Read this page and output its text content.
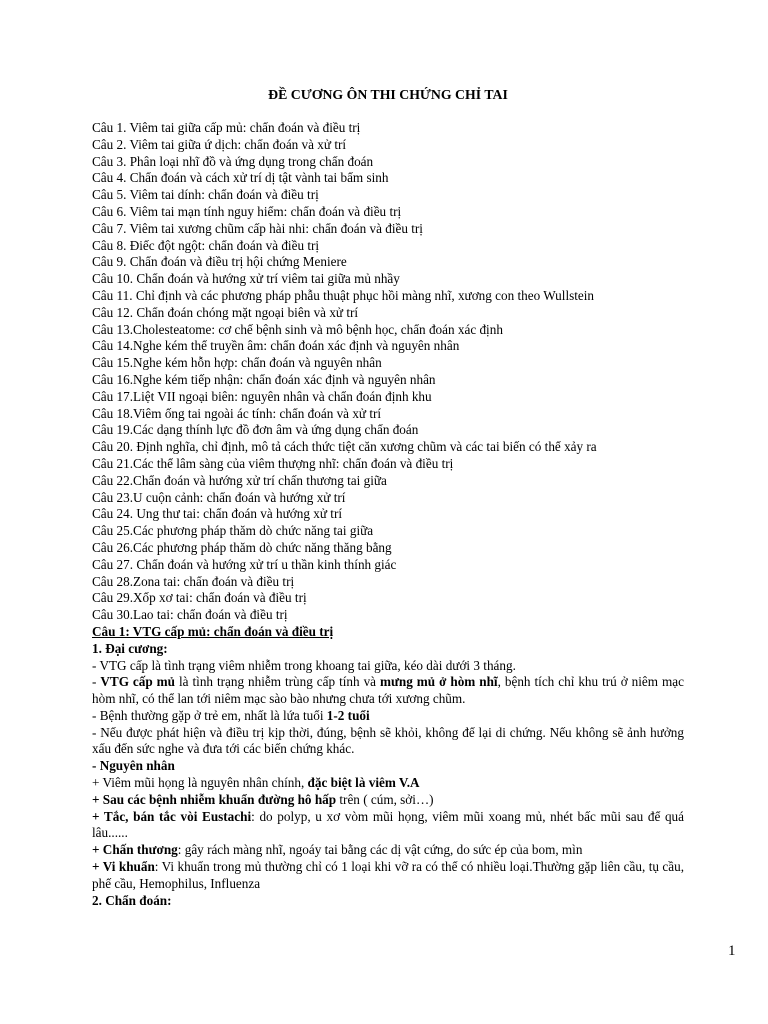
ĐỀ CƯƠNG ÔN THI CHỨNG CHỈ TAI
Câu 1. Viêm tai giữa cấp mủ: chẩn đoán và điều trị
Câu 2. Viêm tai giữa ứ dịch: chẩn đoán và xử trí
Câu 3. Phân loại nhĩ đồ và ứng dụng trong chẩn đoán
Câu 4. Chẩn đoán và cách xử trí dị tật vành tai bẩm sinh
Câu 5. Viêm tai dính: chẩn đoán và điều trị
Câu 6. Viêm tai mạn tính nguy hiểm: chẩn đoán và điều trị
Câu 7. Viêm tai xương chũm cấp hài nhi: chẩn đoán và điều trị
Câu 8. Điếc đột ngột: chẩn đoán và điều trị
Câu 9. Chẩn đoán và điều trị hội chứng Meniere
Câu 10. Chẩn đoán và hướng xử trí viêm tai giữa mủ nhầy
Câu 11. Chỉ định và các phương pháp phẫu thuật phục hồi màng nhĩ, xương con theo Wullstein
Câu 12. Chẩn đoán chóng mặt ngoại biên và xử trí
Câu 13.Cholesteatome: cơ chế bệnh sinh và mô bệnh học, chẩn đoán xác định
Câu 14.Nghe kém thể truyền âm: chẩn đoán xác định và nguyên nhân
Câu 15.Nghe kém hỗn hợp: chẩn đoán và nguyên nhân
Câu 16.Nghe kém tiếp nhận: chẩn đoán xác định và nguyên nhân
Câu 17.Liệt VII ngoại biên: nguyên nhân và chẩn đoán định khu
Câu 18.Viêm ống tai ngoài ác tính: chẩn đoán và xử trí
Câu 19.Các dạng thính lực đồ đơn âm và ứng dụng chẩn đoán
Câu 20. Định nghĩa, chỉ định, mô tả cách thức tiệt căn xương chũm và các tai biến có thể xảy ra
Câu 21.Các thể lâm sàng của viêm thượng nhĩ: chẩn đoán và điều trị
Câu 22.Chẩn đoán và hướng xử trí chấn thương tai giữa
Câu 23.U cuộn cảnh: chẩn đoán và hướng xử trí
Câu 24. Ung thư tai: chẩn đoán và hướng xử trí
Câu 25.Các phương pháp thăm dò chức năng tai giữa
Câu 26.Các phương pháp thăm dò chức năng thăng bằng
Câu 27. Chẩn đoán và hướng xử trí u thần kinh thính giác
Câu 28.Zona tai: chẩn đoán và điều trị
Câu 29.Xốp xơ tai: chẩn đoán và điều trị
Câu 30.Lao tai: chẩn đoán và điều trị
Câu 1: VTG cấp mủ: chẩn đoán và điều trị
1. Đại cương:
- VTG cấp là tình trạng viêm nhiễm trong khoang tai giữa, kéo dài dưới 3 tháng.
- VTG cấp mủ là tình trạng nhiễm trùng cấp tính và mưng mủ ở hòm nhĩ, bệnh tích chỉ khu trú ở niêm mạc hòm nhĩ, có thể lan tới niêm mạc sào bào nhưng chưa tới xương chũm.
- Bệnh thường gặp ở trẻ em, nhất là lứa tuổi 1-2 tuổi
- Nếu được phát hiện và điều trị kịp thời, đúng, bệnh sẽ khỏi, không để lại di chứng. Nếu không sẽ ảnh hưởng xấu đến sức nghe và đưa tới các biến chứng khác.
- Nguyên nhân
+ Viêm mũi họng là nguyên nhân chính, đặc biệt là viêm V.A
+ Sau các bệnh nhiễm khuẩn đường hô hấp trên ( cúm, sởi…)
+ Tắc, bán tắc vòi Eustachi: do polyp, u xơ vòm mũi họng, viêm mũi xoang mủ, nhét bấc mũi sau để quá lâu......
+ Chấn thương: gây rách màng nhĩ, ngoáy tai bằng các dị vật cứng, do sức ép của bom, mìn
+ Vi khuẩn: Vi khuẩn trong mủ thường chỉ có 1 loại khi vỡ ra có thể có nhiều loại.Thường gặp liên cầu, tụ cầu, phế cầu, Hemophilus, Influenza
2. Chẩn đoán:
1
